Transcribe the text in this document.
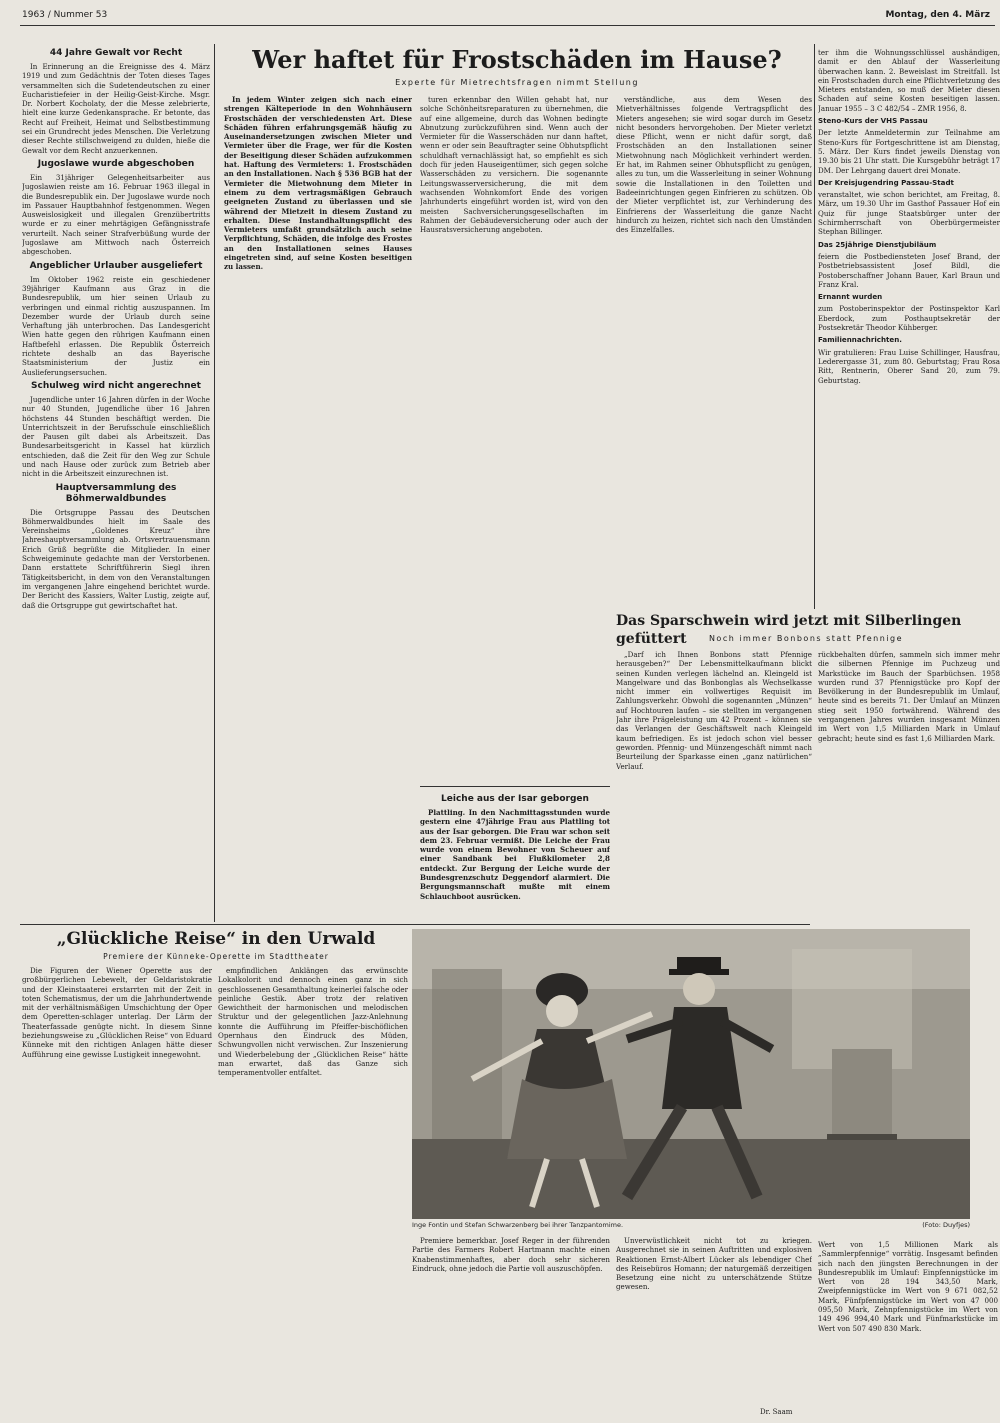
1963 / Nummer 53	Montag, den 4. März
44 Jahre Gewalt vor Recht

In Erinnerung an die Ereignisse des 4. März 1919 und zum Gedächtnis der Toten dieses Tages versammelten sich die Sudetendeutschen zu einer Eucharistiefeier in der Heilig-Geist-Kirche. Msgr. Dr. Norbert Kocholaty, der die Messe zelebrierte, hielt eine kurze Gedenkansprache. Er betonte, das Recht auf Freiheit, Heimat und Selbstbestimmung sei ein Grundrecht jedes Menschen. Die Verletzung dieser Rechte stillschweigend zu dulden, hieße die Gewalt vor dem Recht anzuerkennen.

Jugoslawe wurde abgeschoben

Ein 31jähriger Gelegenheitsarbeiter aus Jugoslawien reiste am 16. Februar 1963 illegal in die Bundesrepublik ein. Der Jugoslawe wurde noch im Passauer Hauptbahnhof festgenommen. Wegen Ausweislosigkeit und illegalen Grenzübertritts wurde er zu einer mehrtägigen Gefängnisstrafe verurteilt. Nach seiner Strafverbüßung wurde der Jugoslawe am Mittwoch nach Österreich abgeschoben.

Angeblicher Urlauber ausgeliefert

Im Oktober 1962 reiste ein geschiedener 39jähriger Kaufmann aus Graz in die Bundesrepublik, um hier seinen Urlaub zu verbringen und einmal richtig auszuspannen. Im Dezember wurde der Urlaub durch seine Verhaftung jäh unterbrochen. Das Landesgericht Wien hatte gegen den rührigen Kaufmann einen Haftbefehl erlassen. Die Republik Österreich richtete deshalb an das Bayerische Staatsministerium der Justiz ein Auslieferungsersuchen.

Schulweg wird nicht angerechnet

Jugendliche unter 16 Jahren dürfen in der Woche nur 40 Stunden, Jugendliche über 16 Jahren höchstens 44 Stunden beschäftigt werden. Die Unterrichtszeit in der Berufsschule einschließlich der Pausen gilt dabei als Arbeitszeit. Das Bundesarbeitsgericht in Kassel hat kürzlich entschieden, daß die Zeit für den Weg zur Schule und nach Hause oder zurück zum Betrieb aber nicht in die Arbeitszeit einzurechnen ist.

Hauptversammlung des Böhmerwaldbundes

Die Ortsgruppe Passau des Deutschen Böhmerwaldbundes hielt im Saale des Vereinsheims „Goldenes Kreuz“ ihre Jahreshauptversammlung ab. Ortsvertrauensmann Erich Grüß begrüßte die Mitglieder. In einer Schweigeminute gedachte man der Verstorbenen. Dann erstattete Schriftführerin Siegl ihren Tätigkeitsbericht, in dem von den Veranstaltungen im vergangenen Jahre eingehend berichtet wurde. Der Bericht des Kassiers, Walter Lustig, zeigte auf, daß die Ortsgruppe gut gewirtschaftet hat.

Wer haftet für Frostschäden im Hause?
Experte für Mietrechtsfragen nimmt Stellung

In jedem Winter zeigen sich nach einer strengen Kälteperiode in den Wohnhäusern Frostschäden der verschiedensten Art. Diese Schäden führen erfahrungsgemäß häufig zu Auseinandersetzungen zwischen Mieter und Vermieter über die Frage, wer für die Kosten der Beseitigung dieser Schäden aufzukommen hat. Haftung des Vermieters: 1. Frostschäden an den Installationen. Nach § 536 BGB hat der Vermieter die Mietwohnung dem Mieter in einem zu dem vertragsmäßigen Gebrauch geeigneten Zustand zu überlassen und sie während der Mietzeit in diesem Zustand zu erhalten. Diese Instandhaltungspflicht des Vermieters umfaßt grundsätzlich auch seine Verpflichtung, Schäden, die infolge des Frostes an den Installationen seines Hauses eingetreten sind, auf seine Kosten beseitigen zu lassen.

turen erkennbar den Willen gehabt hat, nur solche Schönheitsreparaturen zu übernehmen, die auf eine allgemeine, durch das Wohnen bedingte Abnutzung zurückzuführen sind. Wenn auch der Vermieter für die Wasserschäden nur dann haftet, wenn er oder sein Beauftragter seine Obhutspflicht schuldhaft vernachlässigt hat, so empfiehlt es sich doch für jeden Hauseigentümer, sich gegen solche Wasserschäden zu versichern. Die sogenannte Leitungswasserversicherung, die mit dem wachsenden Wohnkomfort Ende des vorigen Jahrhunderts eingeführt worden ist, wird von den meisten Sachversicherungsgesellschaften im Rahmen der Gebäudeversicherung oder auch der Hausratsversicherung angeboten.

verständliche, aus dem Wesen des Mietverhältnisses folgende Vertragspflicht des Mieters angesehen; sie wird sogar durch im Gesetz nicht besonders hervorgehoben. Der Mieter verletzt diese Pflicht, wenn er nicht dafür sorgt, daß Frostschäden an den Installationen seiner Mietwohnung nach Möglichkeit verhindert werden. Er hat, im Rahmen seiner Obhutspflicht zu genügen, alles zu tun, um die Wasserleitung in seiner Wohnung sowie die Installationen in den Toiletten und Badeeinrichtungen gegen Einfrieren zu schützen. Ob der Mieter verpflichtet ist, zur Verhinderung des Einfrierens der Wasserleitung die ganze Nacht hindurch zu heizen, richtet sich nach den Umständen des Einzelfalles.

Leiche aus der Isar geborgen

Plattling. In den Nachmittagsstunden wurde gestern eine 47jährige Frau aus Plattling tot aus der Isar geborgen. Die Frau war schon seit dem 23. Februar vermißt. Die Leiche der Frau wurde von einem Bewohner von Scheuer auf einer Sandbank bei Flußkilometer 2,8 entdeckt. Zur Bergung der Leiche wurde der Bundesgrenzschutz Deggendorf alarmiert. Die Bergungsmannschaft mußte mit einem Schlauchboot ausrücken.

Das Sparschwein wird jetzt mit Silberlingen gefüttert	Noch immer Bonbons statt Pfennige

„Darf ich Ihnen Bonbons statt Pfennige herausgeben?“ Der Lebensmittelkaufmann blickt seinen Kunden verlegen lächelnd an. Kleingeld ist Mangelware und das Bonbonglas als Wechselkasse nicht immer ein vollwertiges Requisit im Zahlungsverkehr. Obwohl die sogenannten „Münzen“ auf Hochtouren laufen – sie stellten im vergangenen Jahr ihre Prägeleistung um 42 Prozent – können sie das Verlangen der Geschäftswelt nach Kleingeld kaum befriedigen. Es ist jedoch schon viel besser geworden. Pfennig- und Münzengeschäft nimmt nach Beurteilung der Sparkasse einen „ganz natürlichen“ Verlauf.

ter ihm die Wohnungsschlüssel aushändigen, damit er den Ablauf der Wasserleitung überwachen kann. 2. Beweislast im Streitfall. Ist ein Frostschaden durch eine Pflichtverletzung des Mieters entstanden, so muß der Mieter diesen Schaden auf seine Kosten beseitigen lassen. Januar 1955 – 3 C 482/54 – ZMR 1956, 8.

Steno-Kurs der VHS Passau

Der letzte Anmeldetermin zur Teilnahme am Steno-Kurs für Fortgeschrittene ist am Dienstag, 5. März. Der Kurs findet jeweils Dienstag von 19.30 bis 21 Uhr statt. Die Kursgebühr beträgt 17 DM. Der Lehrgang dauert drei Monate.

Der Kreisjugendring Passau-Stadt

veranstaltet, wie schon berichtet, am Freitag, 8. März, um 19.30 Uhr im Gasthof Passauer Hof ein Quiz für junge Staatsbürger unter der Schirmherrschaft von Oberbürgermeister Stephan Billinger.

Das 25jährige Dienstjubiläum

feiern die Postbediensteten Josef Brand, der Postbetriebsassistent Josef Bildl, die Postoberschaffner Johann Bauer, Karl Braun und Franz Kral.

Ernannt wurden

zum Postoberinspektor der Postinspektor Karl Eberdock, zum Posthauptsekretär der Postsekretär Theodor Kühberger.

Familiennachrichten.

Wir gratulieren: Frau Luise Schillinger, Hausfrau, Lederergasse 31, zum 80. Geburtstag; Frau Rosa Ritt, Rentnerin, Oberer Sand 20, zum 79. Geburtstag.

rückbehalten dürfen, sammeln sich immer mehr die silbernen Pfennige im Puchzeug und Markstücke im Bauch der Sparbüchsen. 1958 wurden rund 37 Pfennigstücke pro Kopf der Bevölkerung in der Bundesrepublik im Umlauf, heute sind es bereits 71. Der Umlauf an Münzen stieg seit 1950 fortwährend. Während des vergangenen Jahres wurden insgesamt Münzen im Wert von 1,5 Milliarden Mark in Umlauf gebracht; heute sind es fast 1,6 Milliarden Mark.

Wert von 1,5 Millionen Mark als „Sammlerpfennige“ vorrätig. Insgesamt befinden sich nach den jüngsten Berechnungen in der Bundesrepublik im Umlauf: Einpfennigstücke im Wert von 28 194 343,50 Mark, Zweipfennigstücke im Wert von 9 671 082,52 Mark, Fünfpfennigstücke im Wert von 47 000 095,50 Mark, Zehnpfennigstücke im Wert von 149 496 994,40 Mark und Fünfmarkstücke im Wert von 507 490 830 Mark.

„Glückliche Reise“ in den Urwald
Premiere der Künneke-Operette im Stadttheater

Die Figuren der Wiener Operette aus der großbürgerlichen Lebewelt, der Geldaristokratie und der Kleinstaaterei erstarrten mit der Zeit in toten Schematismus, der um die Jahrhundertwende mit der verhältnismäßigen Umschichtung der Oper dem Operetten-schlager unterlag. Der Lärm der Theaterfassade genügte nicht. In diesem Sinne beziehungsweise zu „Glücklichen Reise“ von Eduard Künneke mit den richtigen Anlagen hätte dieser Aufführung eine gewisse Lustigkeit innegewohnt.

empfindlichen Anklängen das erwünschte Lokalkolorit und dennoch einen ganz in sich geschlossenen Gesamthaltung keinerlei falsche oder peinliche Gestik. Aber trotz der relativen Gewichtheit der harmonischen und melodischen Struktur und der gelegentlichen Jazz-Anlehnung konnte die Aufführung im Pfeiffer-bischöflichen Opernhaus den Eindruck des Müden, Schwungvollen nicht verwischen. Zur Inszenierung und Wiederbelebung der „Glücklichen Reise“ hätte man erwartet, daß das Ganze sich temperamentvoller entfaltet.

Inge Fontin und Stefan Schwarzenberg bei ihrer Tanzpantomime.	(Foto: Duyfjes)

Premiere bemerkbar. Josef Reger in der führenden Partie des Farmers Robert Hartmann machte einen Knabenstimmenhaftes, aber doch sehr sicheren Eindruck, ohne jedoch die Partie voll auszuschöpfen.

Unverwüstlichkeit nicht tot zu kriegen. Ausgerechnet sie in seinen Auftritten und explosiven Reaktionen Ernst-Albert Lücker als lebendiger Chef des Reisebüros Homann; der naturgemäß derzeitigen Besetzung eine nicht zu unterschätzende Stütze gewesen.

Dr. Saam
